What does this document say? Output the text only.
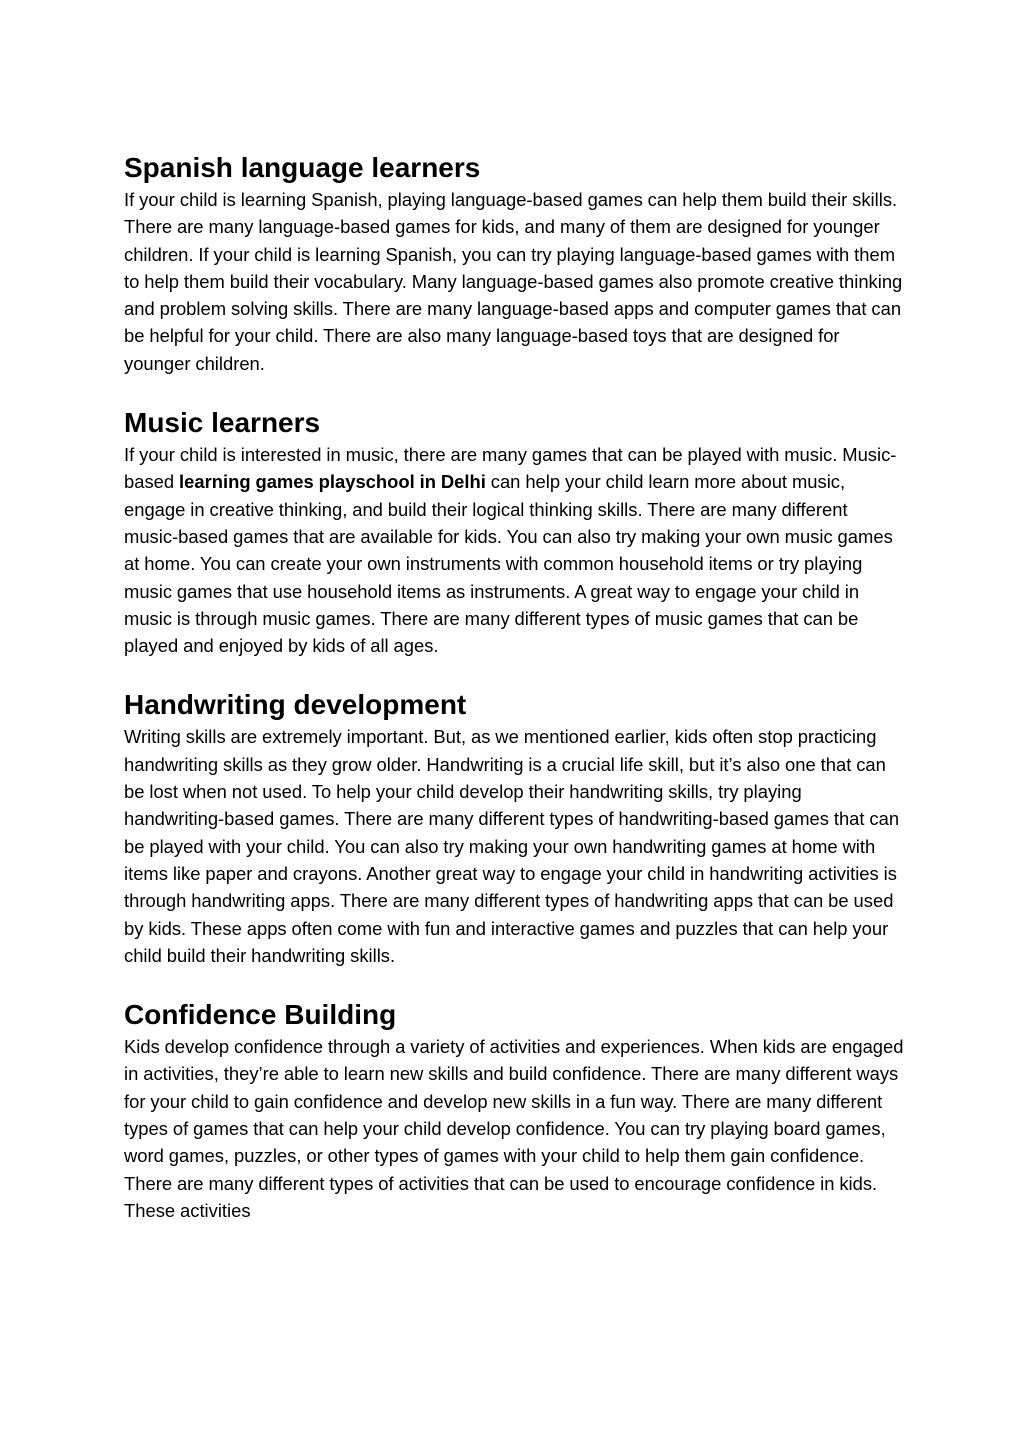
Spanish language learners

If your child is learning Spanish, playing language-based games can help them build their skills. There are many language-based games for kids, and many of them are designed for younger children. If your child is learning Spanish, you can try playing language-based games with them to help them build their vocabulary. Many language-based games also promote creative thinking and problem solving skills. There are many language-based apps and computer games that can be helpful for your child. There are also many language-based toys that are designed for younger children.

Music learners

If your child is interested in music, there are many games that can be played with music. Music-based learning games playschool in Delhi can help your child learn more about music, engage in creative thinking, and build their logical thinking skills. There are many different music-based games that are available for kids. You can also try making your own music games at home. You can create your own instruments with common household items or try playing music games that use household items as instruments. A great way to engage your child in music is through music games. There are many different types of music games that can be played and enjoyed by kids of all ages.

Handwriting development

Writing skills are extremely important. But, as we mentioned earlier, kids often stop practicing handwriting skills as they grow older. Handwriting is a crucial life skill, but it’s also one that can be lost when not used. To help your child develop their handwriting skills, try playing handwriting-based games. There are many different types of handwriting-based games that can be played with your child. You can also try making your own handwriting games at home with items like paper and crayons. Another great way to engage your child in handwriting activities is through handwriting apps. There are many different types of handwriting apps that can be used by kids. These apps often come with fun and interactive games and puzzles that can help your child build their handwriting skills.

Confidence Building

Kids develop confidence through a variety of activities and experiences. When kids are engaged in activities, they’re able to learn new skills and build confidence. There are many different ways for your child to gain confidence and develop new skills in a fun way. There are many different types of games that can help your child develop confidence. You can try playing board games, word games, puzzles, or other types of games with your child to help them gain confidence. There are many different types of activities that can be used to encourage confidence in kids. These activities
